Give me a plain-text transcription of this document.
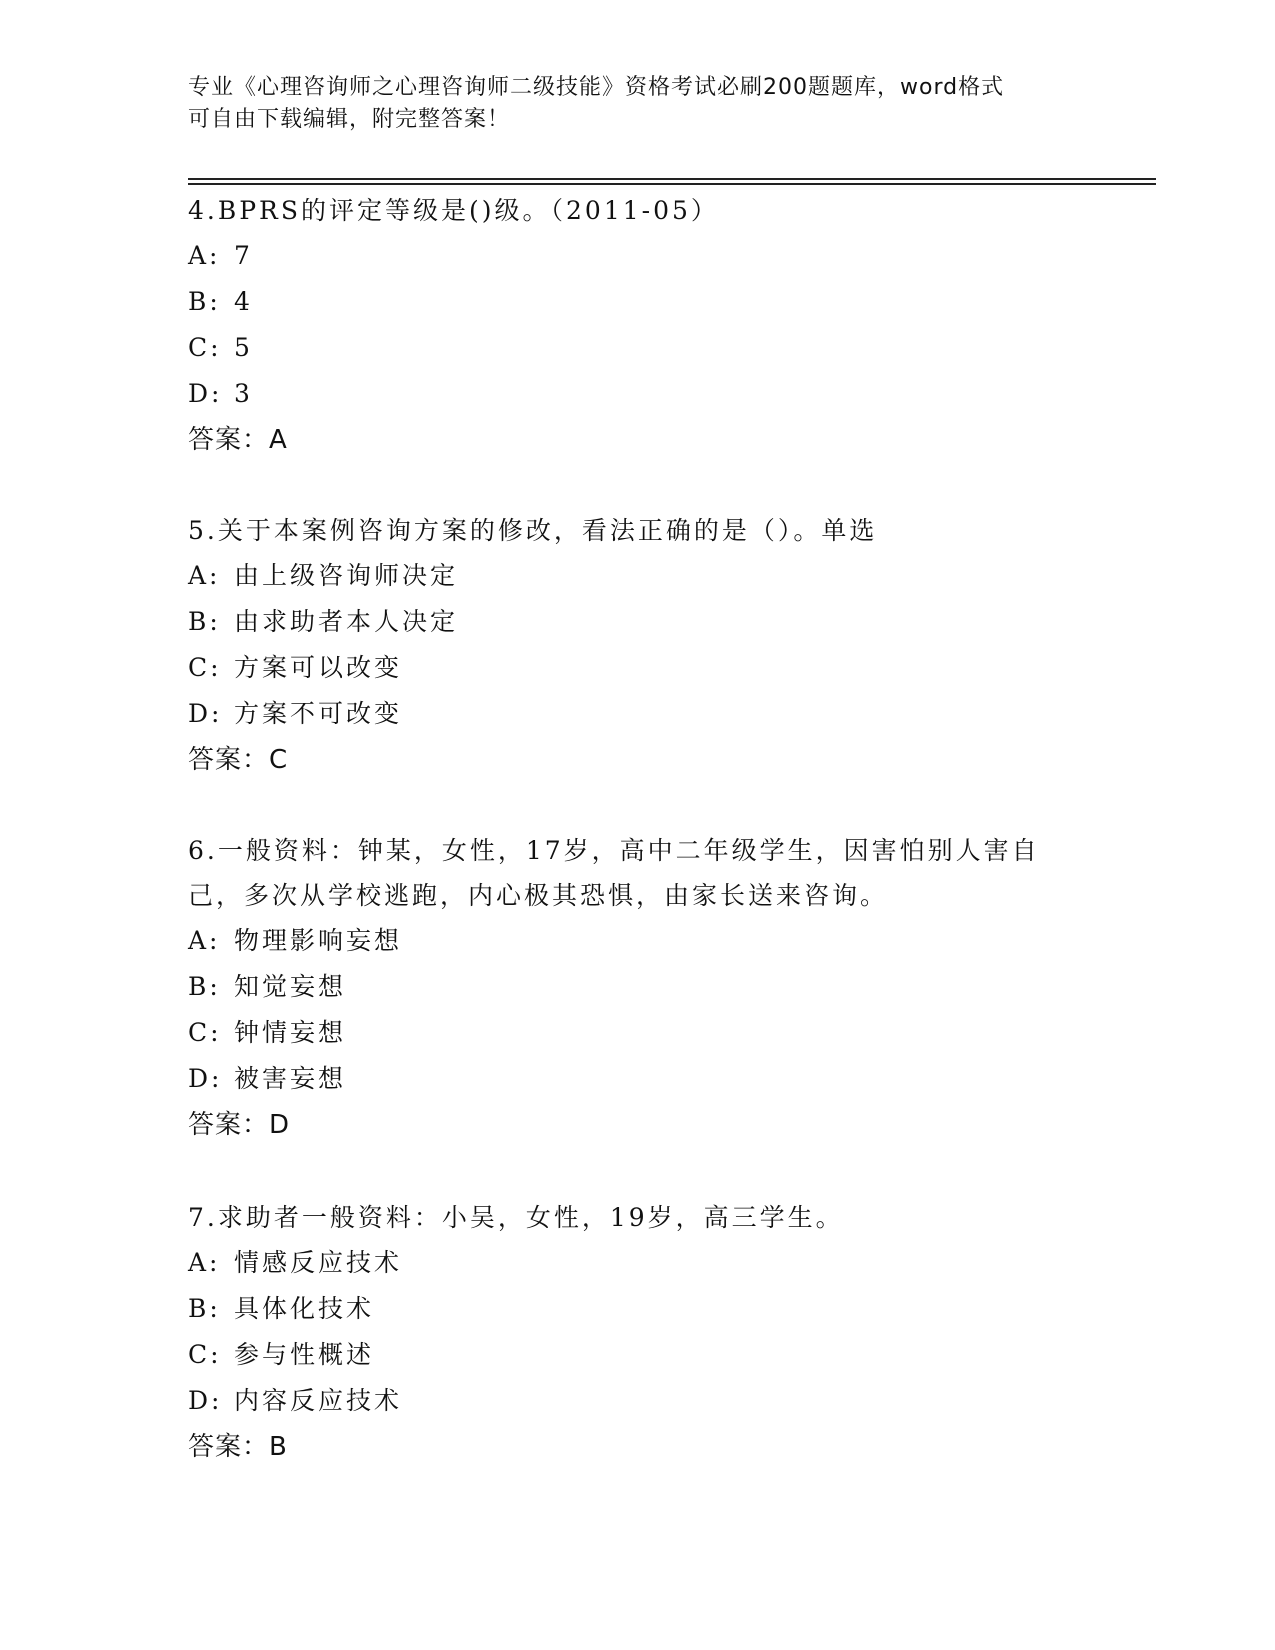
专业《心理咨询师之心理咨询师二级技能》资格考试必刷200题题库，word格式
可自由下载编辑，附完整答案！
4.BPRS的评定等级是()级。（2011-05）
A: 7
B: 4
C: 5
D: 3
答案：A
5.关于本案例咨询方案的修改，看法正确的是（）。单选
A: 由上级咨询师决定
B: 由求助者本人决定
C: 方案可以改变
D: 方案不可改变
答案：C
6.一般资料：钟某，女性，17岁，高中二年级学生，因害怕别人害自己，多次从学校逃跑，内心极其恐惧，由家长送来咨询。
A: 物理影响妄想
B: 知觉妄想
C: 钟情妄想
D: 被害妄想
答案：D
7.求助者一般资料：小吴，女性，19岁，高三学生。
A: 情感反应技术
B: 具体化技术
C: 参与性概述
D: 内容反应技术
答案：B
